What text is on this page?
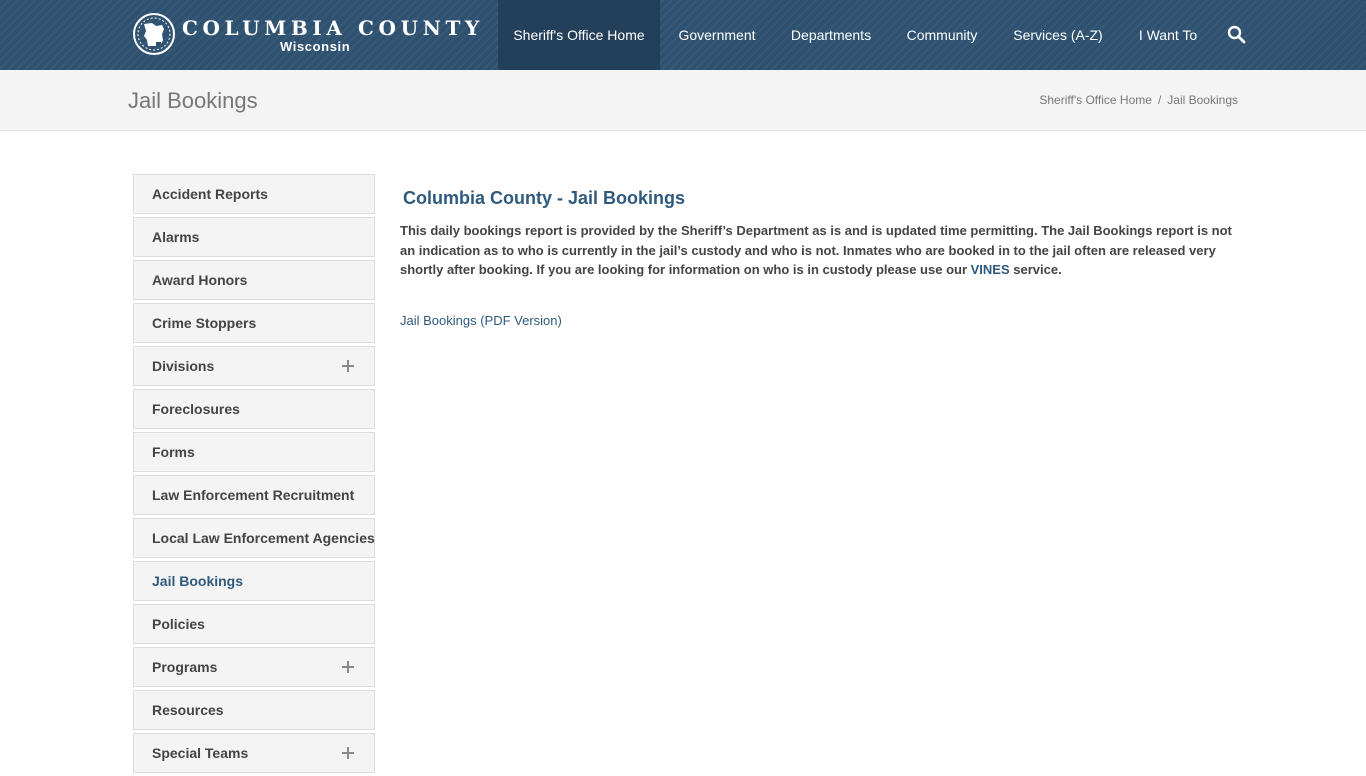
COLUMBIA COUNTY
Wisconsin
Sheriff's Office Home	Government	Departments	Community	Services (A-Z)	I Want To
Jail Bookings	Sheriff's Office Home / Jail Bookings
Accident Reports
Alarms
Award Honors
Crime Stoppers
Divisions
Foreclosures
Forms
Law Enforcement Recruitment
Local Law Enforcement Agencies
Jail Bookings
Policies
Programs
Resources
Special Teams
Columbia County - Jail Bookings

This daily bookings report is provided by the Sheriff’s Department as is and is updated time permitting. The Jail Bookings report is not an indication as to who is currently in the jail’s custody and who is not. Inmates who are booked in to the jail often are released very shortly after booking. If you are looking for information on who is in custody please use our VINES service.

Jail Bookings (PDF Version)
